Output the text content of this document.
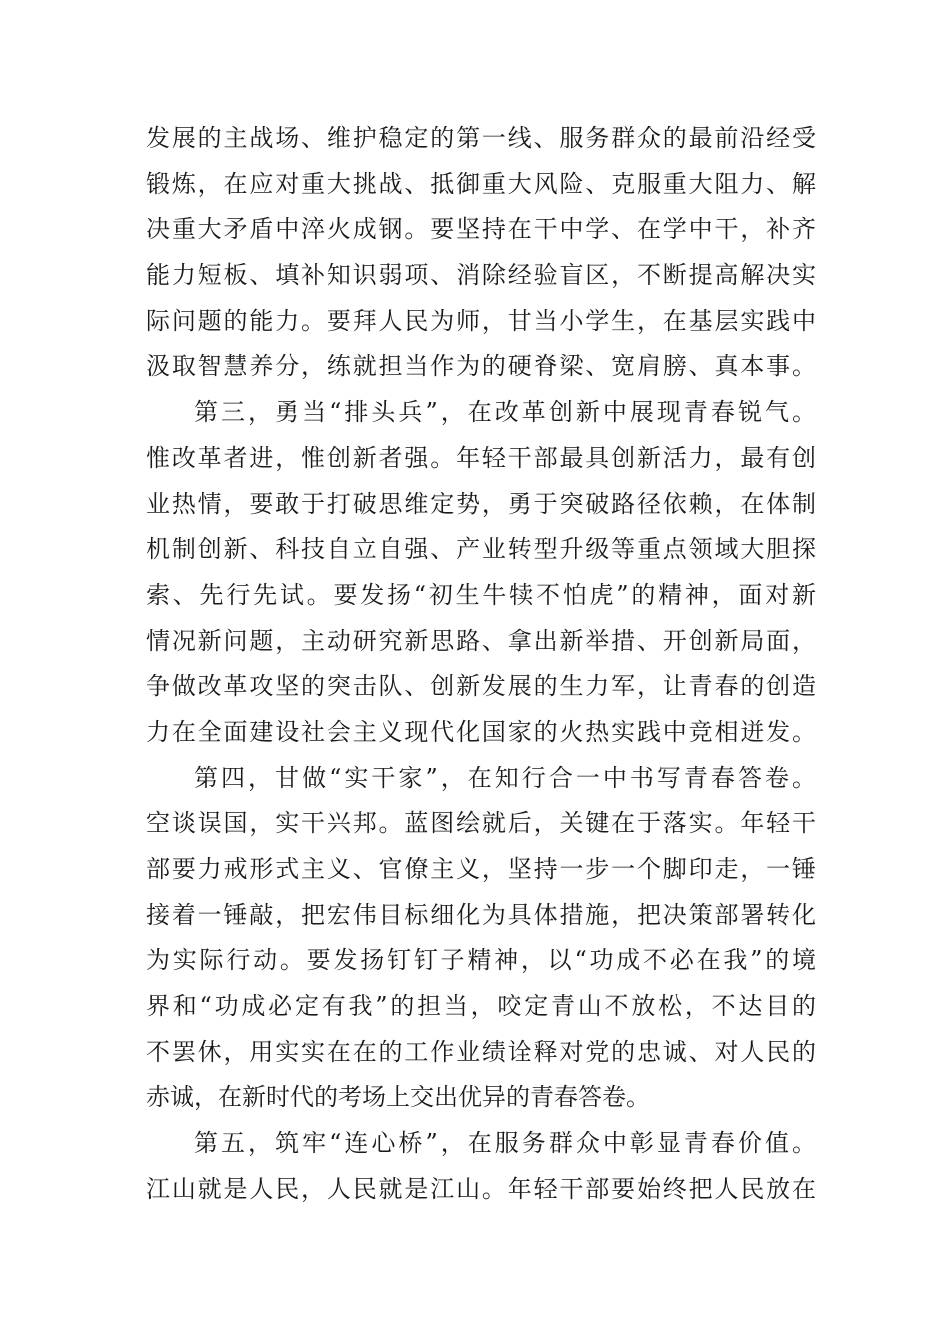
发展的主战场、维护稳定的第一线、服务群众的最前沿经受
锻炼，在应对重大挑战、抵御重大风险、克服重大阻力、解
决重大矛盾中淬火成钢。要坚持在干中学、在学中干，补齐
能力短板、填补知识弱项、消除经验盲区，不断提高解决实
际问题的能力。要拜人民为师，甘当小学生，在基层实践中
汲取智慧养分，练就担当作为的硬脊梁、宽肩膀、真本事。
第三，勇当“排头兵”，在改革创新中展现青春锐气。
惟改革者进，惟创新者强。年轻干部最具创新活力，最有创
业热情，要敢于打破思维定势，勇于突破路径依赖，在体制
机制创新、科技自立自强、产业转型升级等重点领域大胆探
索、先行先试。要发扬“初生牛犊不怕虎”的精神，面对新
情况新问题，主动研究新思路、拿出新举措、开创新局面，
争做改革攻坚的突击队、创新发展的生力军，让青春的创造
力在全面建设社会主义现代化国家的火热实践中竞相迸发。
第四，甘做“实干家”，在知行合一中书写青春答卷。
空谈误国，实干兴邦。蓝图绘就后，关键在于落实。年轻干
部要力戒形式主义、官僚主义，坚持一步一个脚印走，一锤
接着一锤敲，把宏伟目标细化为具体措施，把决策部署转化
为实际行动。要发扬钉钉子精神，以“功成不必在我”的境
界和“功成必定有我”的担当，咬定青山不放松，不达目的
不罢休，用实实在在的工作业绩诠释对党的忠诚、对人民的
赤诚，在新时代的考场上交出优异的青春答卷。
第五，筑牢“连心桥”，在服务群众中彰显青春价值。
江山就是人民，人民就是江山。年轻干部要始终把人民放在
